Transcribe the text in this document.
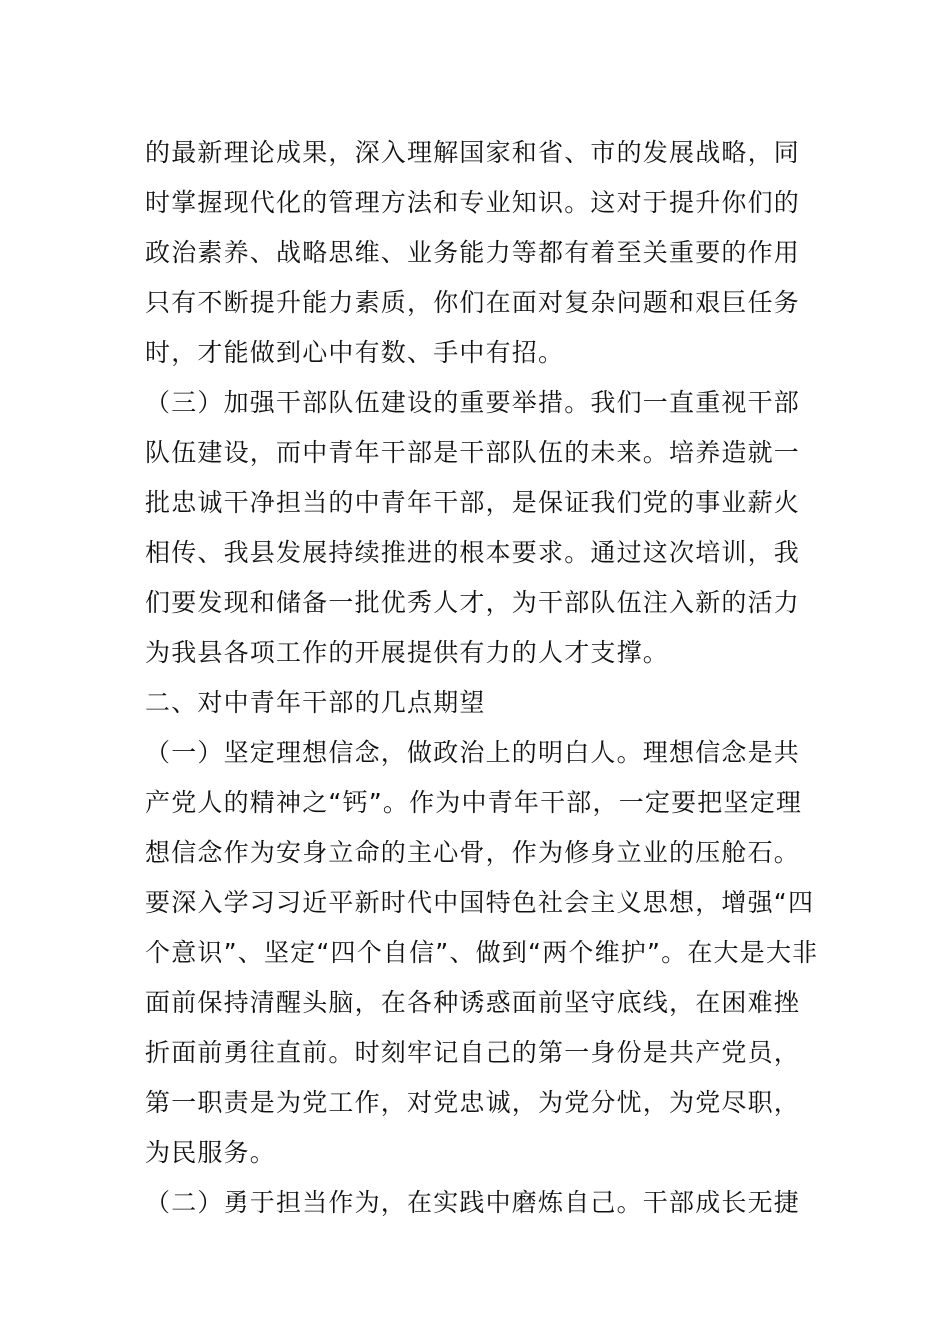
的最新理论成果，深入理解国家和省、市的发展战略，同
时掌握现代化的管理方法和专业知识。这对于提升你们的
政治素养、战略思维、业务能力等都有着至关重要的作用
只有不断提升能力素质，你们在面对复杂问题和艰巨任务
时，才能做到心中有数、手中有招。
（三）加强干部队伍建设的重要举措。我们一直重视干部
队伍建设，而中青年干部是干部队伍的未来。培养造就一
批忠诚干净担当的中青年干部，是保证我们党的事业薪火
相传、我县发展持续推进的根本要求。通过这次培训，我
们要发现和储备一批优秀人才，为干部队伍注入新的活力
为我县各项工作的开展提供有力的人才支撑。
二、对中青年干部的几点期望
（一）坚定理想信念，做政治上的明白人。理想信念是共
产党人的精神之“钙”。作为中青年干部，一定要把坚定理
想信念作为安身立命的主心骨，作为修身立业的压舱石。
要深入学习习近平新时代中国特色社会主义思想，增强“四
个意识”、坚定“四个自信”、做到“两个维护”。在大是大非
面前保持清醒头脑，在各种诱惑面前坚守底线，在困难挫
折面前勇往直前。时刻牢记自己的第一身份是共产党员，
第一职责是为党工作，对党忠诚，为党分忧，为党尽职，
为民服务。
（二）勇于担当作为，在实践中磨炼自己。干部成长无捷
